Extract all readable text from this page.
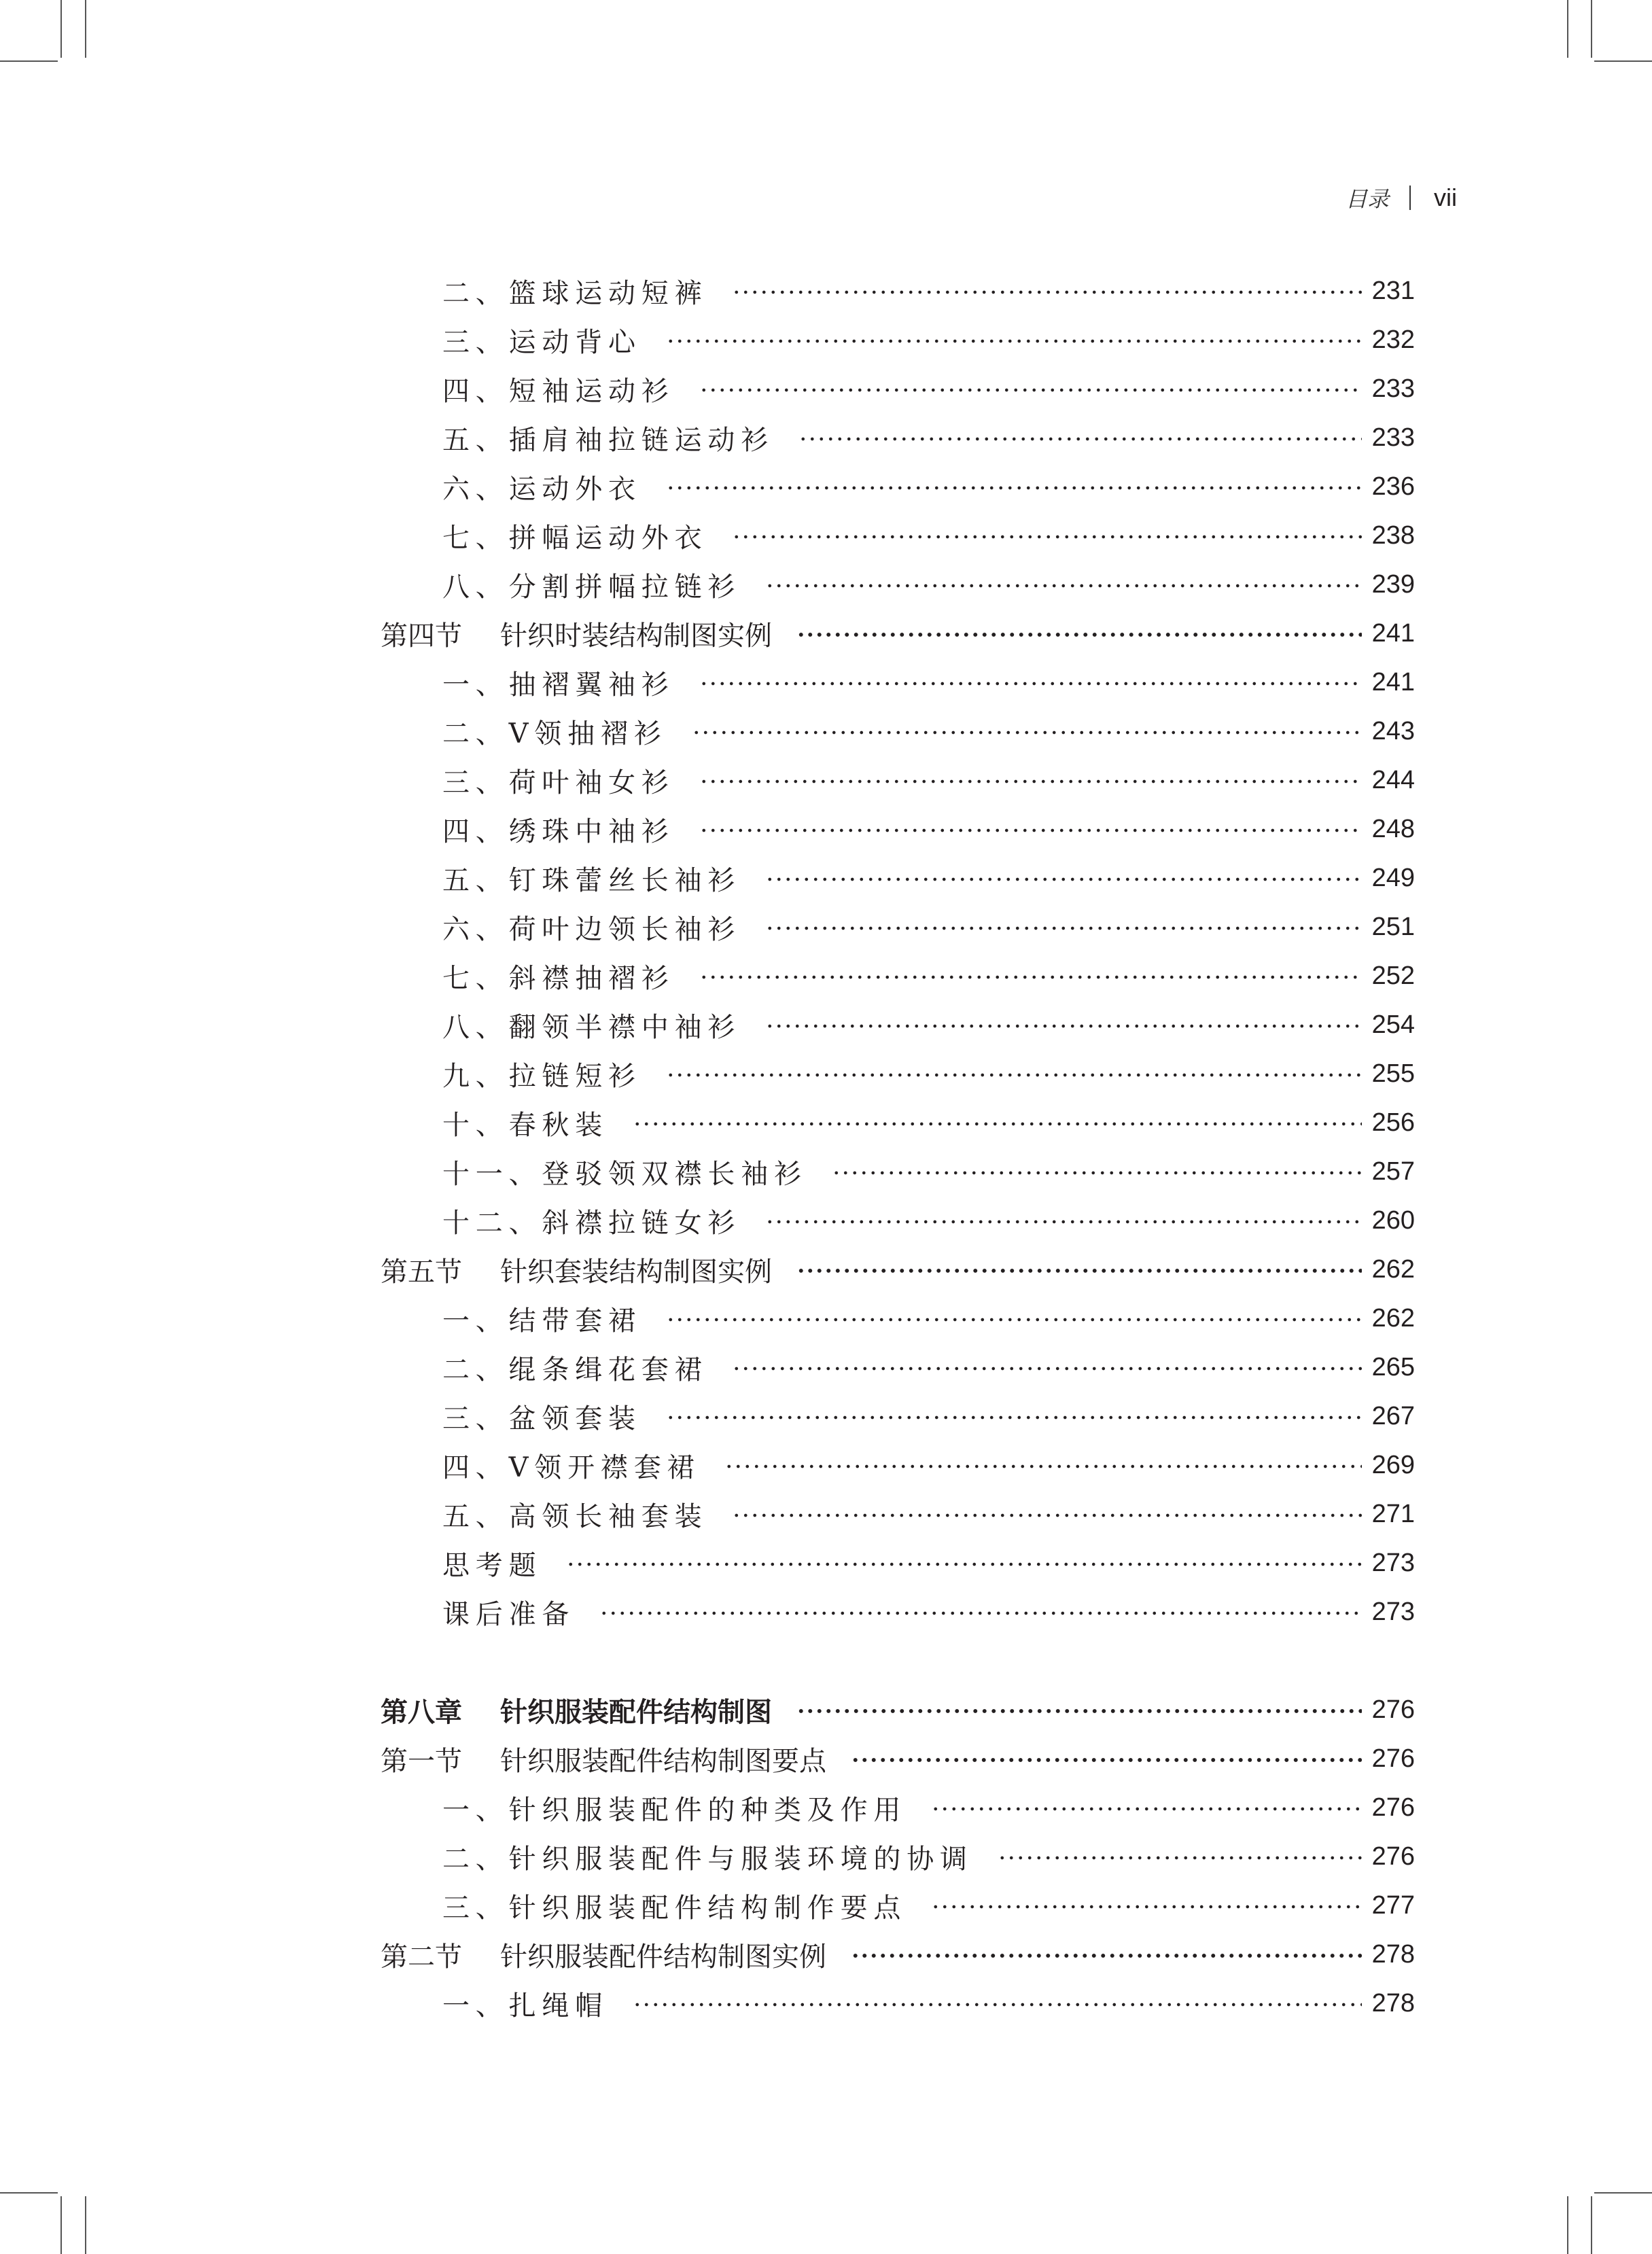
目录 vii
二、篮球运动短裤	231
三、运动背心	232
四、短袖运动衫	233
五、插肩袖拉链运动衫	233
六、运动外衣	236
七、拼幅运动外衣	238
八、分割拼幅拉链衫	239
第四节 针织时装结构制图实例	241
一、抽褶翼袖衫	241
二、V领抽褶衫	243
三、荷叶袖女衫	244
四、绣珠中袖衫	248
五、钉珠蕾丝长袖衫	249
六、荷叶边领长袖衫	251
七、斜襟抽褶衫	252
八、翻领半襟中袖衫	254
九、拉链短衫	255
十、春秋装	256
十一、登驳领双襟长袖衫	257
十二、斜襟拉链女衫	260
第五节 针织套装结构制图实例	262
一、结带套裙	262
二、绲条缉花套裙	265
三、盆领套装	267
四、V领开襟套裙	269
五、高领长袖套装	271
思考题	273
课后准备	273
第八章 针织服装配件结构制图	276
第一节 针织服装配件结构制图要点	276
一、针织服装配件的种类及作用	276
二、针织服装配件与服装环境的协调	276
三、针织服装配件结构制作要点	277
第二节 针织服装配件结构制图实例	278
一、扎绳帽	278
